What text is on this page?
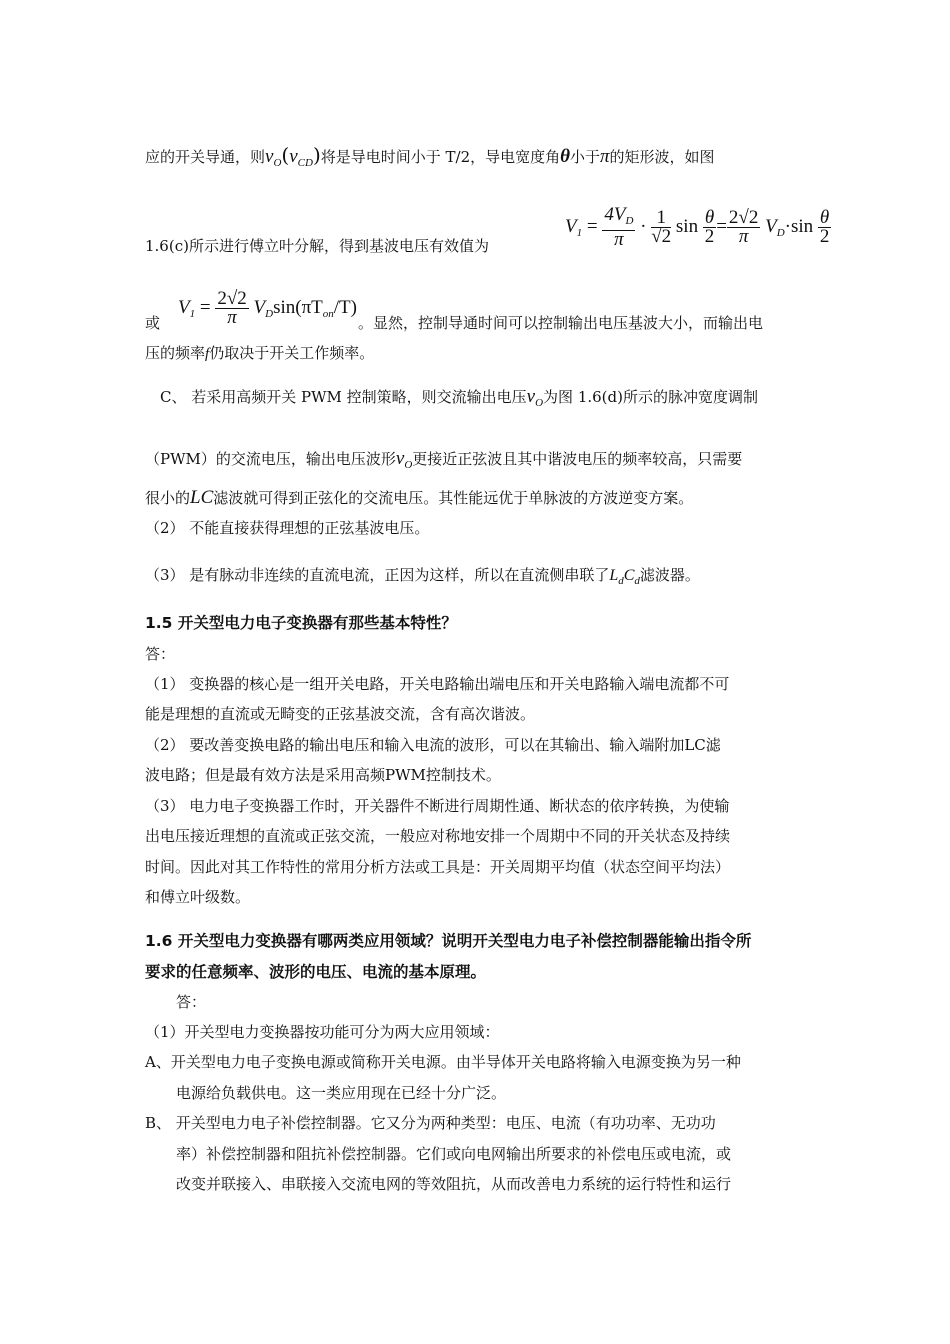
应的开关导通，则$v_O(v_{CD})$将是导电时间小于 T/2，导电宽度角θ小于π的矩形波，如图
$V_1 = \frac{4V_D}{\pi} \cdot \frac{1}{√2}$ $\sin \frac{\theta}{2} = \frac{2√2}{\pi} V_D\cdot\sin \frac{\theta}{2}$
1.6(c)所示进行傅立叶分解，得到基波电压有效值为
$V_1 = \frac{2√2}{\pi} V_D\sin(\pi T_{on}/T)$
或	。显然，控制导通时间可以控制输出电压基波大小，而输出电
压的频率f仍取决于开关工作频率。
C、 若采用高频开关 PWM 控制策略，则交流输出电压$v_O$为图 1.6(d)所示的脉冲宽度调制
（PWM）的交流电压，输出电压波形$v_O$更接近正弦波且其中谐波电压的频率较高，只需要
很小的LC滤波就可得到正弦化的交流电压。其性能远优于单脉波的方波逆变方案。
（2） 不能直接获得理想的正弦基波电压。
（3） 是有脉动非连续的直流电流，正因为这样，所以在直流侧串联了$L_dC_d$滤波器。
1.5 开关型电力电子变换器有那些基本特性？
答：
（1） 变换器的核心是一组开关电路，开关电路输出端电压和开关电路输入端电流都不可
能是理想的直流或无畸变的正弦基波交流，含有高次谐波。
（2） 要改善变换电路的输出电压和输入电流的波形，可以在其输出、输入端附加LC滤
波电路；但是最有效方法是采用高频PWM控制技术。
（3） 电力电子变换器工作时，开关器件不断进行周期性通、断状态的依序转换，为使输
出电压接近理想的直流或正弦交流，一般应对称地安排一个周期中不同的开关状态及持续
时间。因此对其工作特性的常用分析方法或工具是：开关周期平均值（状态空间平均法）
和傅立叶级数。
1.6 开关型电力变换器有哪两类应用领域？说明开关型电力电子补偿控制器能输出指令所
要求的任意频率、波形的电压、电流的基本原理。
答：
（1）开关型电力变换器按功能可分为两大应用领域：
A、开关型电力电子变换电源或简称开关电源。由半导体开关电路将输入电源变换为另一种
电源给负载供电。这一类应用现在已经十分广泛。
B、 开关型电力电子补偿控制器。它又分为两种类型：电压、电流（有功功率、无功功
率）补偿控制器和阻抗补偿控制器。它们或向电网输出所要求的补偿电压或电流，或
改变并联接入、串联接入交流电网的等效阻抗，从而改善电力系统的运行特性和运行
